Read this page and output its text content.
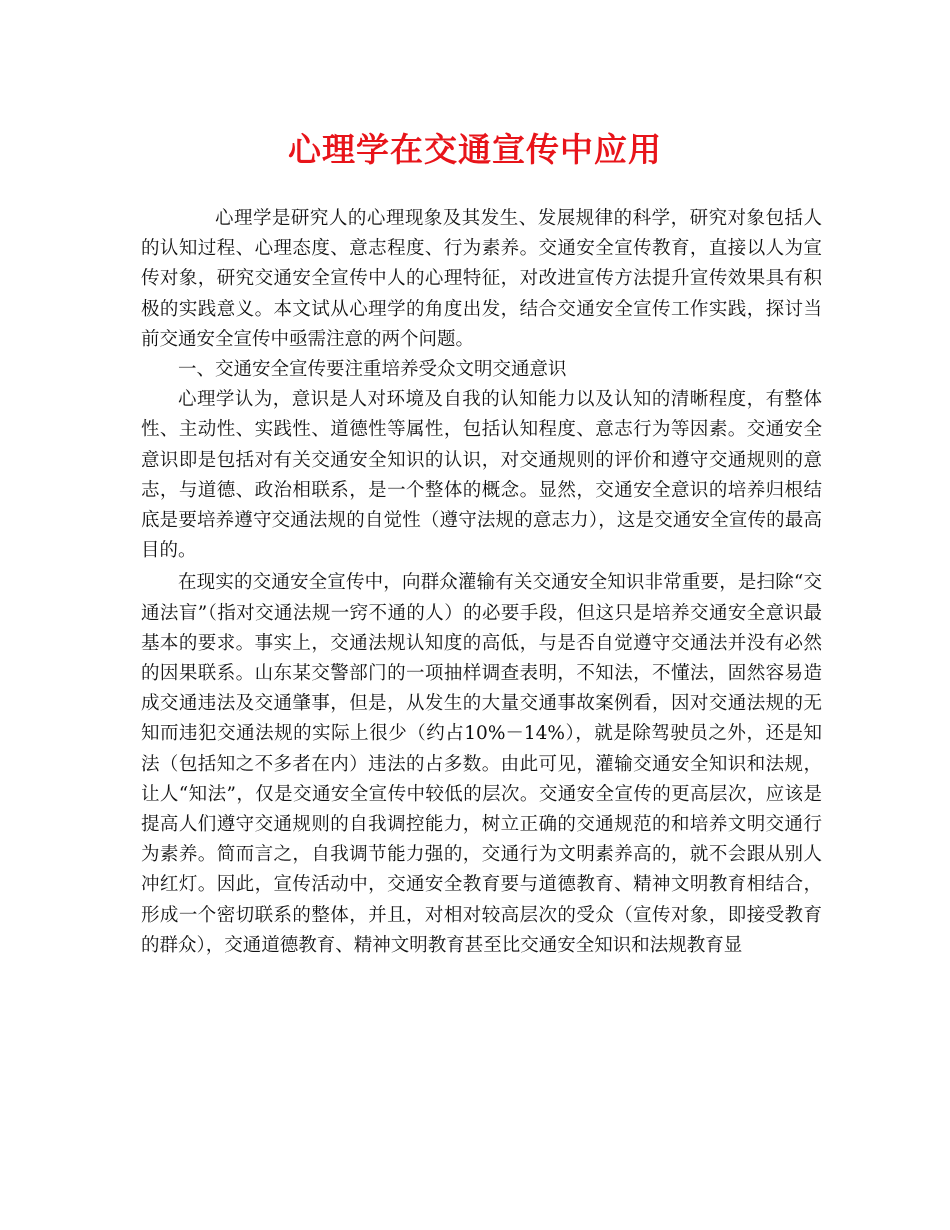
心理学在交通宣传中应用

心理学是研究人的心理现象及其发生、发展规律的科学，研究对象包括人的认知过程、心理态度、意志程度、行为素养。交通安全宣传教育，直接以人为宣传对象，研究交通安全宣传中人的心理特征，对改进宣传方法提升宣传效果具有积极的实践意义。本文试从心理学的角度出发，结合交通安全宣传工作实践，探讨当前交通安全宣传中亟需注意的两个问题。

一、交通安全宣传要注重培养受众文明交通意识

心理学认为，意识是人对环境及自我的认知能力以及认知的清晰程度，有整体性、主动性、实践性、道德性等属性，包括认知程度、意志行为等因素。交通安全意识即是包括对有关交通安全知识的认识，对交通规则的评价和遵守交通规则的意志，与道德、政治相联系，是一个整体的概念。显然，交通安全意识的培养归根结底是要培养遵守交通法规的自觉性（遵守法规的意志力），这是交通安全宣传的最高目的。

在现实的交通安全宣传中，向群众灌输有关交通安全知识非常重要，是扫除“交通法盲”（指对交通法规一窍不通的人）的必要手段，但这只是培养交通安全意识最基本的要求。事实上，交通法规认知度的高低，与是否自觉遵守交通法并没有必然的因果联系。山东某交警部门的一项抽样调查表明，不知法，不懂法，固然容易造成交通违法及交通肇事，但是，从发生的大量交通事故案例看，因对交通法规的无知而违犯交通法规的实际上很少（约占10%－14%），就是除驾驶员之外，还是知法（包括知之不多者在内）违法的占多数。由此可见，灌输交通安全知识和法规，让人“知法”，仅是交通安全宣传中较低的层次。交通安全宣传的更高层次，应该是提高人们遵守交通规则的自我调控能力，树立正确的交通规范的和培养文明交通行为素养。简而言之，自我调节能力强的，交通行为文明素养高的，就不会跟从别人冲红灯。因此，宣传活动中，交通安全教育要与道德教育、精神文明教育相结合，形成一个密切联系的整体，并且，对相对较高层次的受众（宣传对象，即接受教育的群众），交通道德教育、精神文明教育甚至比交通安全知识和法规教育显
